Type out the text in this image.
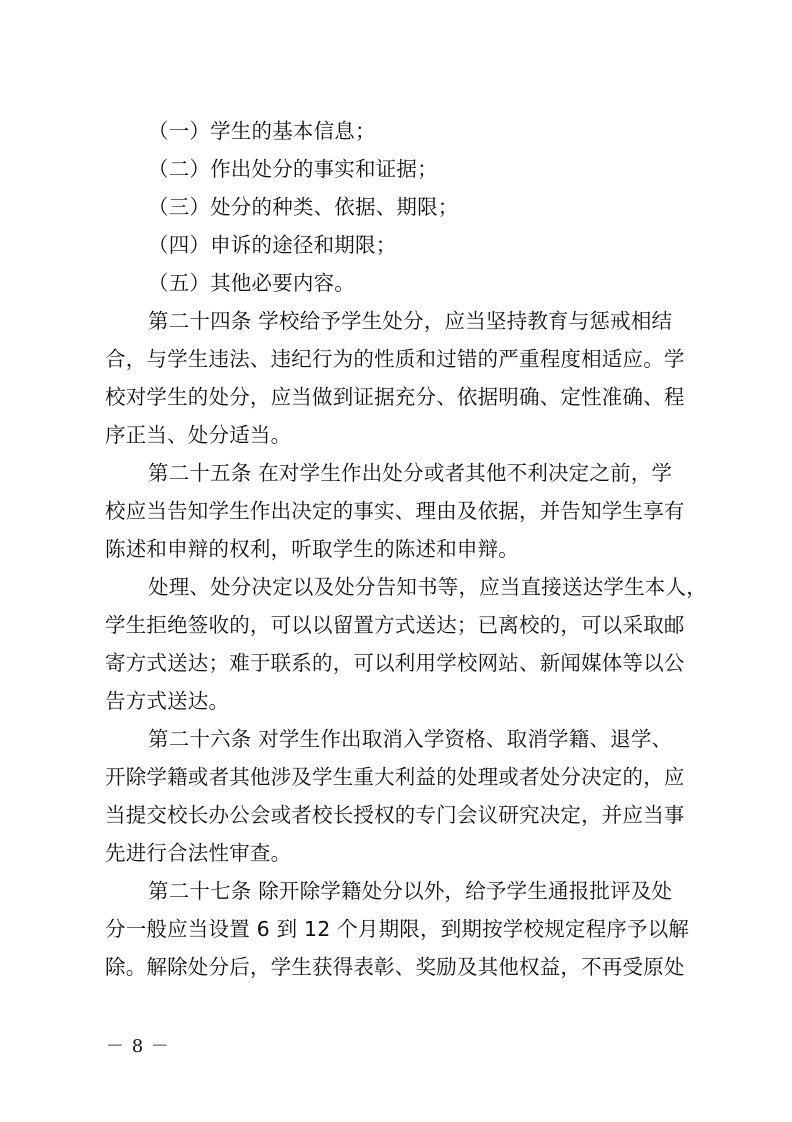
（一）学生的基本信息；
（二）作出处分的事实和证据；
（三）处分的种类、依据、期限；
（四）申诉的途径和期限；
（五）其他必要内容。
第二十四条 学校给予学生处分，应当坚持教育与惩戒相结
合，与学生违法、违纪行为的性质和过错的严重程度相适应。学
校对学生的处分，应当做到证据充分、依据明确、定性准确、程
序正当、处分适当。
第二十五条 在对学生作出处分或者其他不利决定之前，学
校应当告知学生作出决定的事实、理由及依据，并告知学生享有
陈述和申辩的权利，听取学生的陈述和申辩。
处理、处分决定以及处分告知书等，应当直接送达学生本人，
学生拒绝签收的，可以以留置方式送达；已离校的，可以采取邮
寄方式送达；难于联系的，可以利用学校网站、新闻媒体等以公
告方式送达。
第二十六条 对学生作出取消入学资格、取消学籍、退学、
开除学籍或者其他涉及学生重大利益的处理或者处分决定的，应
当提交校长办公会或者校长授权的专门会议研究决定，并应当事
先进行合法性审查。
第二十七条 除开除学籍处分以外，给予学生通报批评及处
分一般应当设置 6 到 12 个月期限，到期按学校规定程序予以解
除。解除处分后，学生获得表彰、奖励及其他权益，不再受原处
－ 8 －
